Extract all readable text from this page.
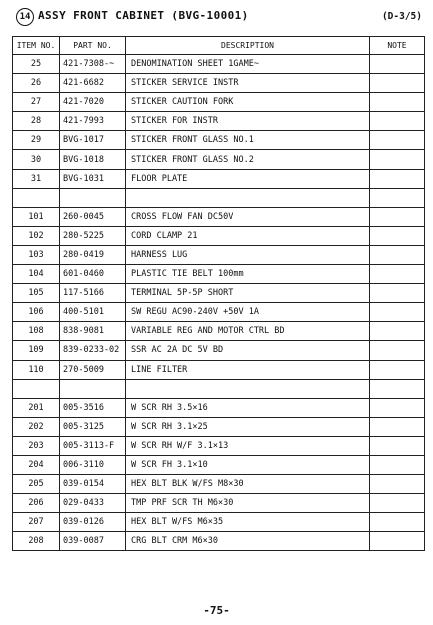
14 ASSY FRONT CABINET (BVG-10001)	(D-3/5)
ITEM NO.	PART NO.	DESCRIPTION	NOTE
25	421-7308-~	DENOMINATION SHEET 1GAME~	
26	421-6682	STICKER SERVICE INSTR	
27	421-7020	STICKER CAUTION FORK	
28	421-7993	STICKER FOR INSTR	
29	BVG-1017	STICKER FRONT GLASS NO.1	
30	BVG-1018	STICKER FRONT GLASS NO.2	
31	BVG-1031	FLOOR PLATE	

101	260-0045	CROSS FLOW FAN DC50V	
102	280-5225	CORD CLAMP 21	
103	280-0419	HARNESS LUG	
104	601-0460	PLASTIC TIE BELT 100mm	
105	117-5166	TERMINAL 5P-5P SHORT	
106	400-5101	SW REGU AC90-240V +50V 1A	
108	838-9081	VARIABLE REG AND MOTOR CTRL BD	
109	839-0233-02	SSR AC 2A DC 5V BD	
110	270-5009	LINE FILTER	

201	005-3516	W SCR RH 3.5×16	
202	005-3125	W SCR RH 3.1×25	
203	005-3113-F	W SCR RH W/F 3.1×13	
204	006-3110	W SCR FH 3.1×10	
205	039-0154	HEX BLT BLK W/FS M8×30	
206	029-0433	TMP PRF SCR TH M6×30	
207	039-0126	HEX BLT W/FS M6×35	
208	039-0087	CRG BLT CRM M6×30	
-75-
